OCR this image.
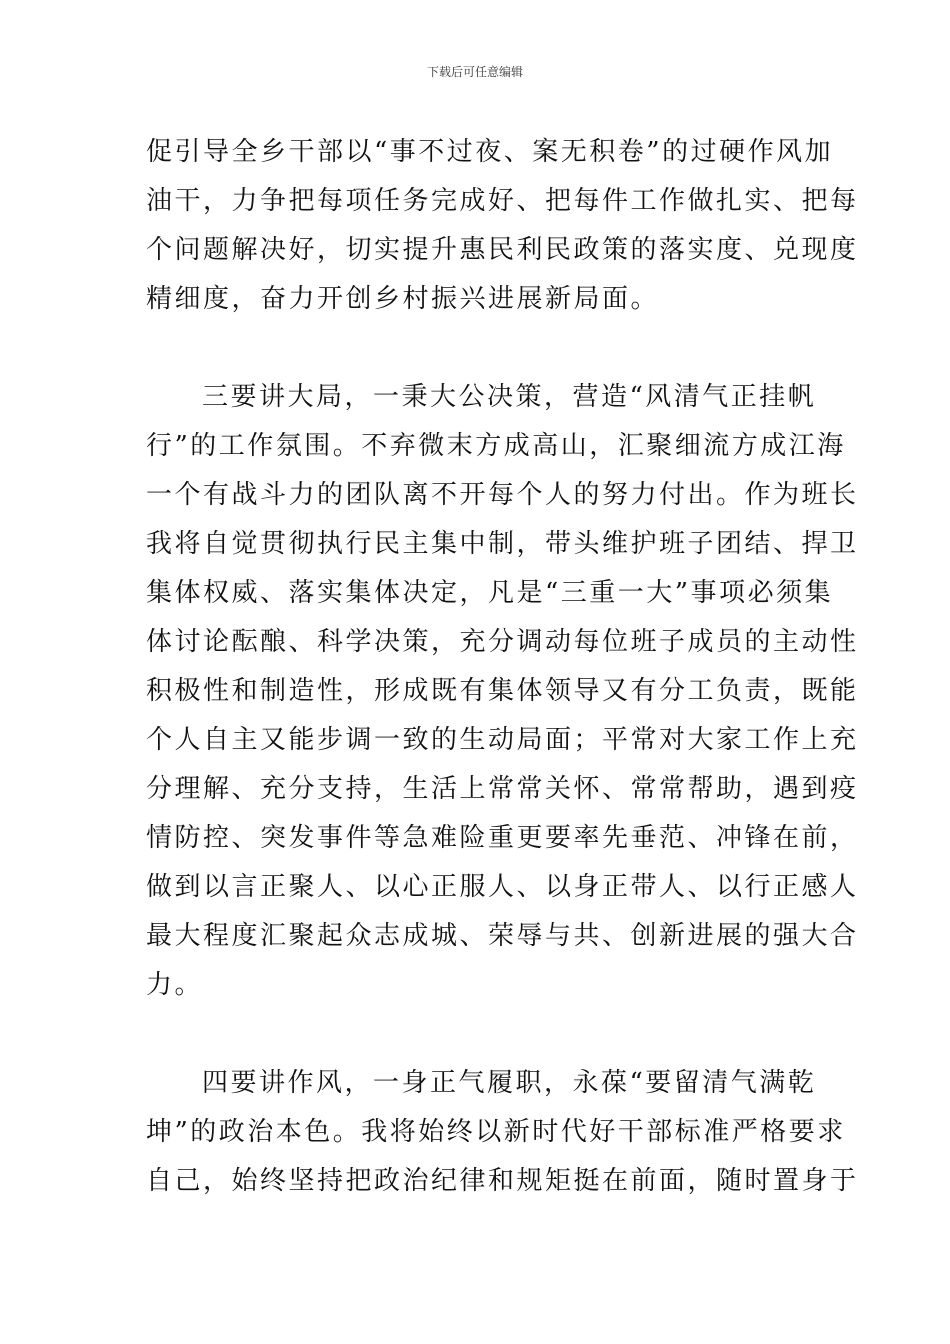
下载后可任意编辑
促引导全乡干部以“事不过夜、案无积卷”的过硬作风加
油干，力争把每项任务完成好、把每件工作做扎实、把每
个问题解决好，切实提升惠民利民政策的落实度、兑现度
精细度，奋力开创乡村振兴进展新局面。
三要讲大局，一秉大公决策，营造“风清气正挂帆
行”的工作氛围。不弃微末方成高山，汇聚细流方成江海
一个有战斗力的团队离不开每个人的努力付出。作为班长
我将自觉贯彻执行民主集中制，带头维护班子团结、捍卫
集体权威、落实集体决定，凡是“三重一大”事项必须集
体讨论酝酿、科学决策，充分调动每位班子成员的主动性
积极性和制造性，形成既有集体领导又有分工负责，既能
个人自主又能步调一致的生动局面；平常对大家工作上充
分理解、充分支持，生活上常常关怀、常常帮助，遇到疫
情防控、突发事件等急难险重更要率先垂范、冲锋在前，
做到以言正聚人、以心正服人、以身正带人、以行正感人
最大程度汇聚起众志成城、荣辱与共、创新进展的强大合
力。
四要讲作风，一身正气履职，永葆“要留清气满乾
坤”的政治本色。我将始终以新时代好干部标准严格要求
自己，始终坚持把政治纪律和规矩挺在前面，随时置身于
